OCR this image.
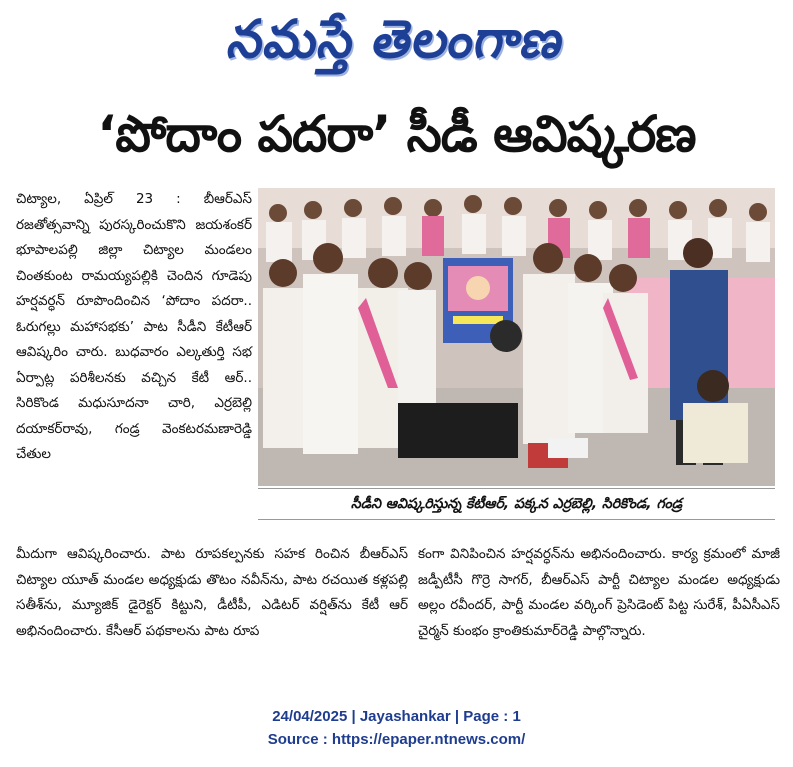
నమస్తే తెలంగాణ
‘పోదాం పదరా’ సీడీ ఆవిష్కరణ
చిట్యాల, ఏప్రిల్ 23 : బీఆర్‌ఎస్ రజతోత్సవాన్ని పురస్కరించుకొని జయశంకర్ భూపాలపల్లి జిల్లా చిట్యాల మండలం చింతకుంట రామయ్యపల్లికి చెందిన గూడెపు హర్షవర్ధన్ రూపొందించిన ‘పోదాం పదరా.. ఓరుగల్లు మహాసభకు’ పాట సీడీని కేటీఆర్ ఆవిష్కరిం చారు. బుధవారం ఎల్కతుర్తి సభ ఏర్పాట్ల పరిశీలనకు వచ్చిన కేటీ ఆర్.. సిరికొండ మధుసూదనా చారి, ఎర్రబెల్లి దయాకర్‌రావు, గండ్ర వెంకటరమణారెడ్డి చేతుల
సీడీని ఆవిష్కరిస్తున్న కేటీఆర్, పక్కన ఎర్రబెల్లి, సిరికొండ, గండ్ర
మీదుగా ఆవిష్కరించారు. పాట రూపకల్పనకు సహక రించిన బీఆర్‌ఎస్ చిట్యాల యూత్ మండల అధ్యక్షుడు తొటం నవీన్‌ను, పాట రచయిత కళ్లపల్లి సతీశ్‌ను, మ్యూజిక్ డైరెక్టర్ కిట్టుని, డీటీపీ, ఎడిటర్ వర్షిత్‌ను కేటీ ఆర్ అభినందించారు. కేసీఆర్ పథకాలను పాట రూప
కంగా వినిపించిన హర్షవర్ధన్‌ను అభినందించారు. కార్య క్రమంలో మాజీ జడ్పీటీసీ గొర్రె సాగర్, బీఆర్‌ఎస్ పార్టీ చిట్యాల మండల అధ్యక్షుడు అల్లం రవీందర్, పార్టీ మండల వర్కింగ్ ప్రెసిడెంట్ పిట్ట సురేశ్, పీఏసీఎస్ చైర్మన్ కుంభం క్రాంతికుమార్‌రెడ్డి పాల్గొన్నారు.
24/04/2025 | Jayashankar | Page : 1
Source : https://epaper.ntnews.com/
